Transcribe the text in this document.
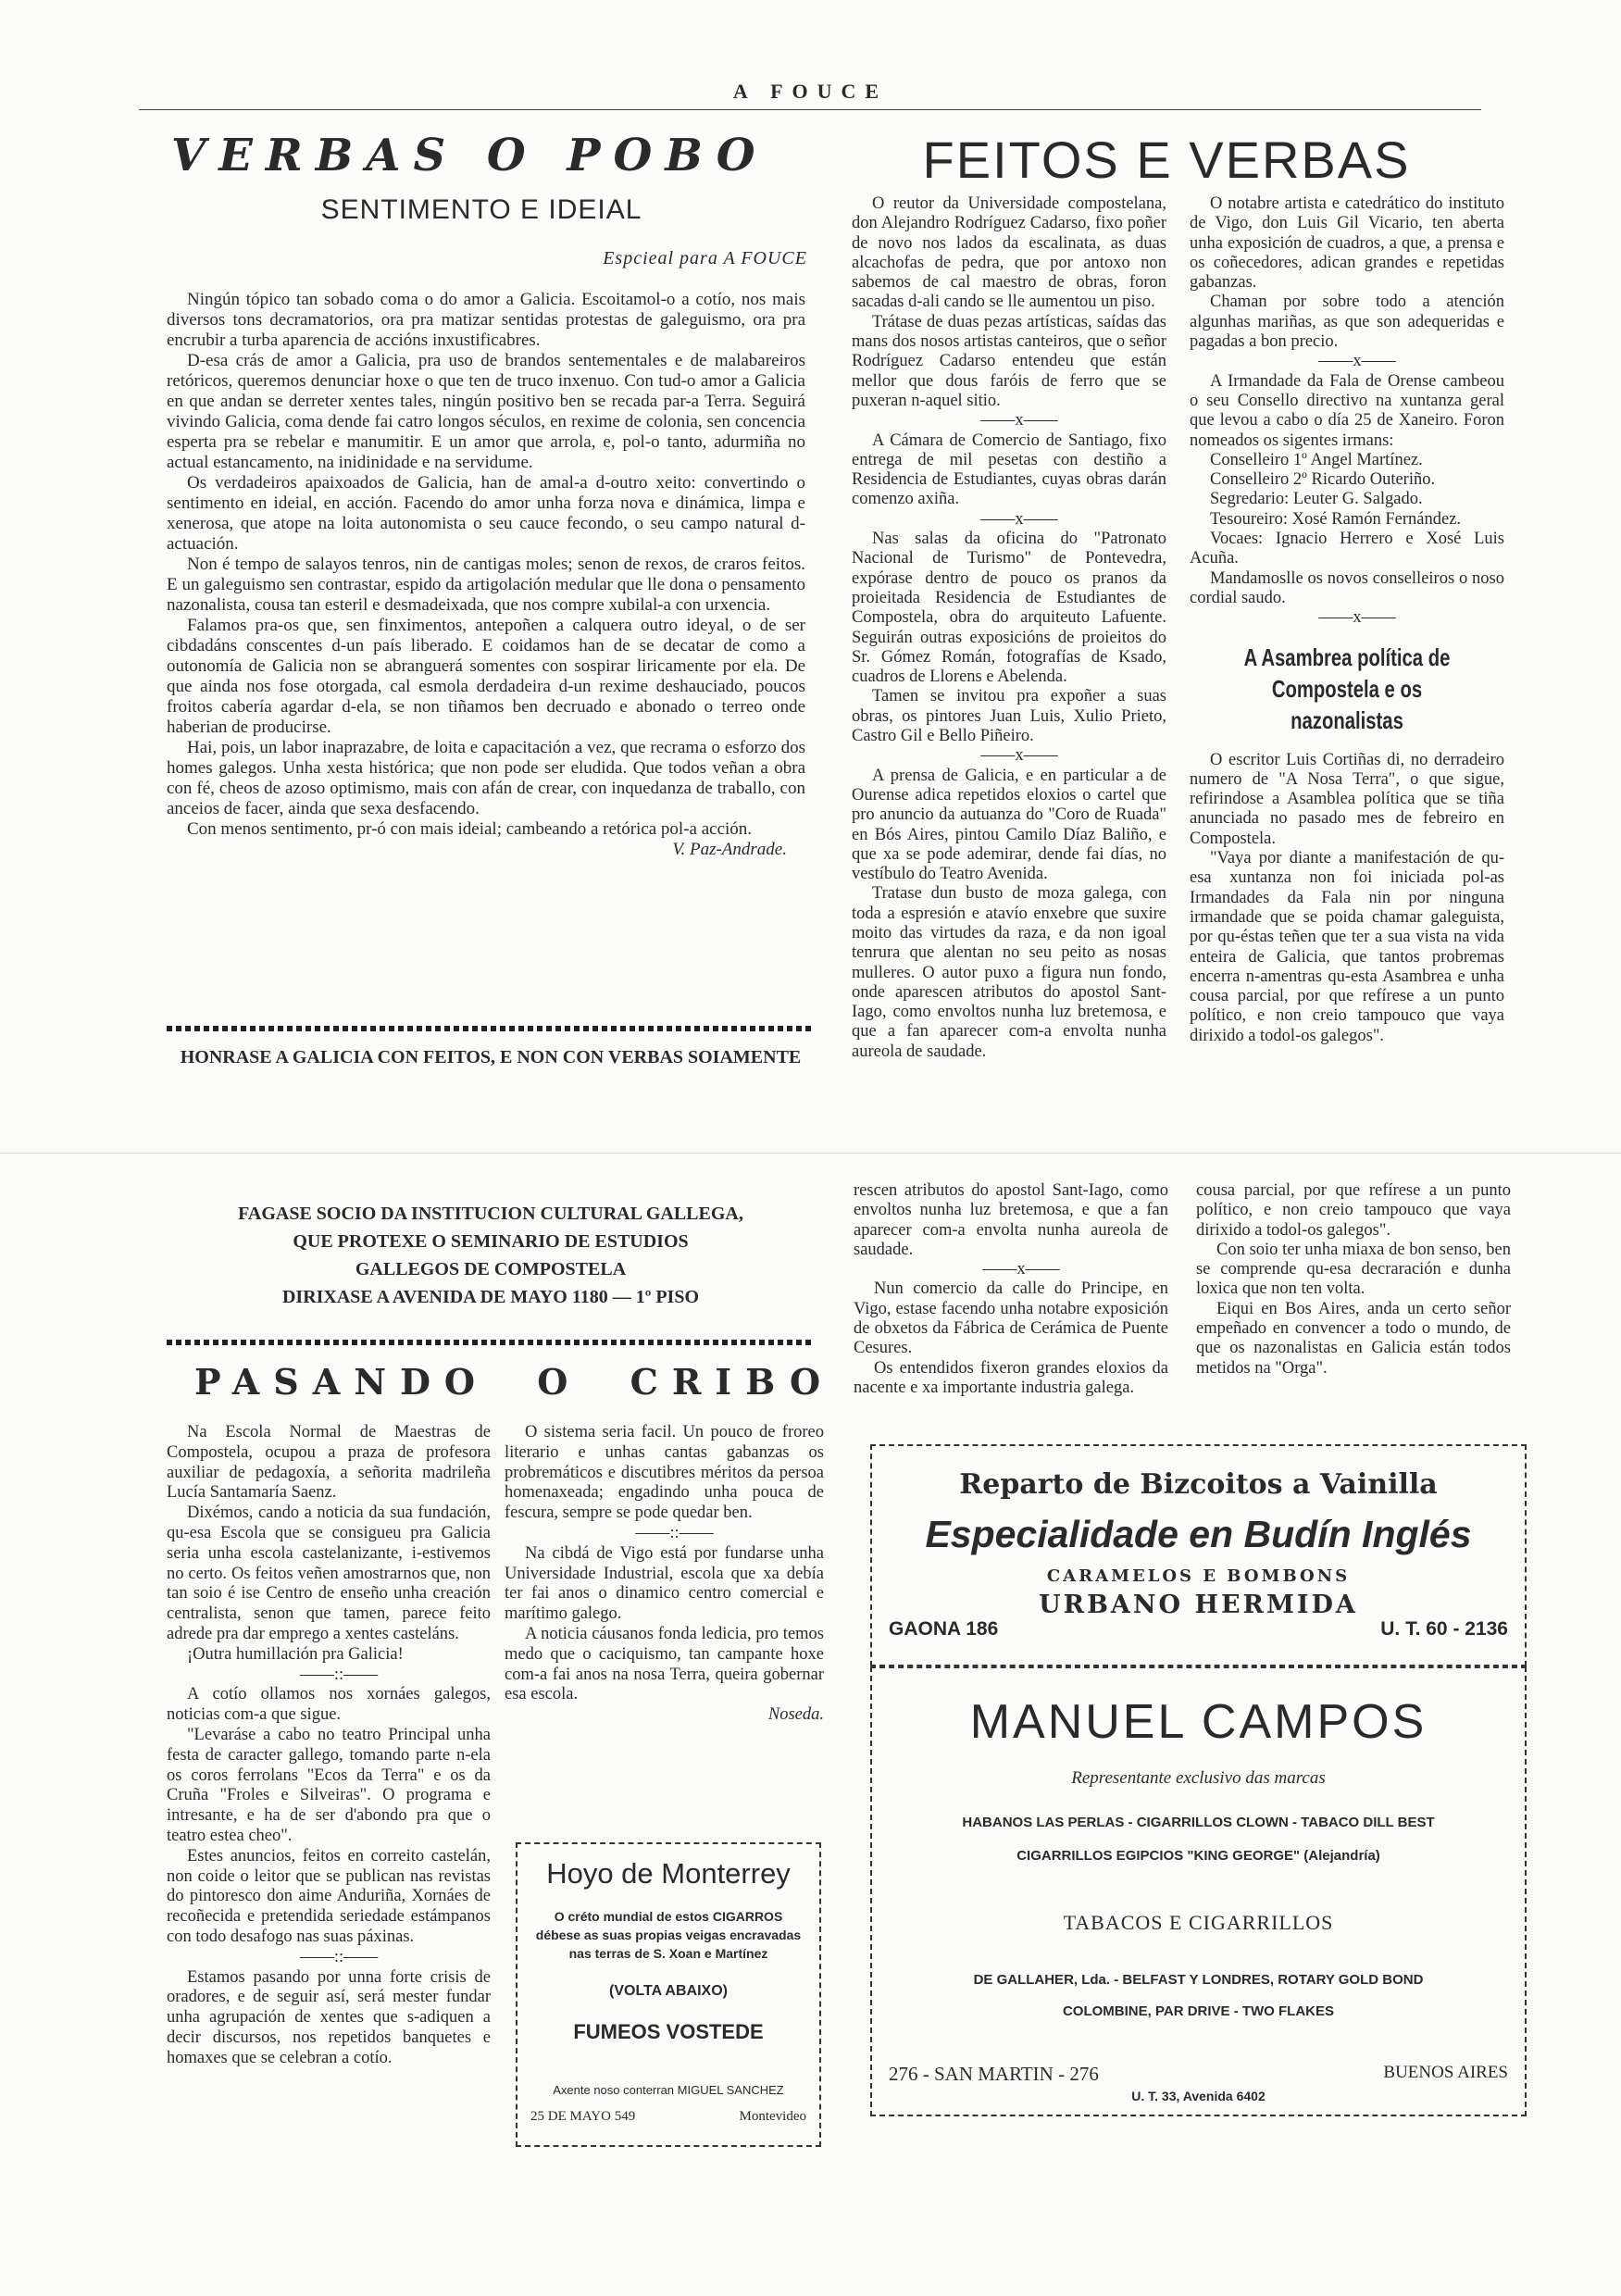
A FOUCE
VERBAS O POBO
SENTIMENTO E IDEIAL
Espcieal para A FOUCE

Ningún tópico tan sobado coma o do amor a Galicia. Escoitamol-o a cotío, nos mais diversos tons decramatorios, ora pra matizar sentidas protestas de galeguismo, ora pra encrubir a turba aparencia de accións inxustificabres.

D-esa crás de amor a Galicia, pra uso de brandos sentementales e de malabareiros retóricos, queremos denunciar hoxe o que ten de truco inxenuo. Con tud-o amor a Galicia en que andan se derreter xentes tales, ningún positivo ben se recada par-a Terra. Seguirá vivindo Galicia, coma dende fai catro longos séculos, en rexime de colonia, sen concencia esperta pra se rebelar e manumitir. E un amor que arrola, e, pol-o tanto, adurmiña no actual estancamento, na inidinidade e na servidume.

Os verdadeiros apaixoados de Galicia, han de amal-a d-outro xeito: convertindo o sentimento en ideial, en acción. Facendo do amor unha forza nova e dinámica, limpa e xenerosa, que atope na loita autonomista o seu cauce fecondo, o seu campo natural d-actuación.

Non é tempo de salayos tenros, nin de cantigas moles; senon de rexos, de craros feitos. E un galeguismo sen contrastar, espido da artigolación medular que lle dona o pensamento nazonalista, cousa tan esteril e desmadeixada, que nos compre xubilal-a con urxencia.

Falamos pra-os que, sen finximentos, antepoñen a calquera outro ideyal, o de ser cibdadáns conscentes d-un país liberado. E coidamos han de se decatar de como a outonomía de Galicia non se abranguerá somentes con sospirar liricamente por ela. De que ainda nos fose otorgada, cal esmola derdadeira d-un rexime deshauciado, poucos froitos cabería agardar d-ela, se non tiñamos ben decruado e abonado o terreo onde haberian de producirse.

Hai, pois, un labor inaprazabre, de loita e capacitación a vez, que recrama o esforzo dos homes galegos. Unha xesta histórica; que non pode ser eludida. Que todos veñan a obra con fé, cheos de azoso optimismo, mais con afán de crear, con inquedanza de traballo, con anceios de facer, ainda que sexa desfacendo.

Con menos sentimento, pr-ó con mais ideial; cambeando a retórica pol-a acción.

V. Paz-Andrade.

HONRASE A GALICIA CON FEITOS, E NON CON VERBAS SOIAMENTE
FEITOS E VERBAS

O reutor da Universidade compostelana, don Alejandro Rodríguez Cadarso, fixo poñer de novo nos lados da escalinata, as duas alcachofas de pedra, que por antoxo non sabemos de cal maestro de obras, foron sacadas d-ali cando se lle aumentou un piso.

Trátase de duas pezas artísticas, saídas das mans dos nosos artistas canteiros, que o señor Rodríguez Cadarso entendeu que están mellor que dous faróis de ferro que se puxeran n-aquel sitio.

——x——

A Cámara de Comercio de Santiago, fixo entrega de mil pesetas con destiño a Residencia de Estudiantes, cuyas obras darán comenzo axiña.

——x——

Nas salas da oficina do "Patronato Nacional de Turismo" de Pontevedra, expórase dentro de pouco os pranos da proieitada Residencia de Estudiantes de Compostela, obra do arquiteuto Lafuente. Seguirán outras exposicións de proieitos do Sr. Gómez Román, fotografías de Ksado, cuadros de Llorens e Abelenda.

Tamen se invitou pra expoñer a suas obras, os pintores Juan Luis, Xulio Prieto, Castro Gil e Bello Piñeiro.

——x——

A prensa de Galicia, e en particular a de Ourense adica repetidos eloxios o cartel que pro anuncio da autuanza do "Coro de Ruada" en Bós Aires, pintou Camilo Díaz Baliño, e que xa se pode ademirar, dende fai días, no vestíbulo do Teatro Avenida.

Tratase dun busto de moza galega, con toda a espresión e atavío enxebre que suxire moito das virtudes da raza, e da non igoal tenrura que alentan no seu peito as nosas mulleres. O autor puxo a figura nun fondo, onde aparescen atributos do apostol Sant-Iago, como envoltos nunha luz bretemosa, e que a fan aparecer com-a envolta nunha aureola de saudade.

O notabre artista e catedrático do instituto de Vigo, don Luis Gil Vicario, ten aberta unha exposición de cuadros, a que, a prensa e os coñecedores, adican grandes e repetidas gabanzas.

Chaman por sobre todo a atención algunhas mariñas, as que son adequeridas e pagadas a bon precio.

——x——

A Irmandade da Fala de Orense cambeou o seu Consello directivo na xuntanza geral que levou a cabo o día 25 de Xaneiro. Foron nomeados os sigentes irmans:

Conselleiro 1º Angel Martínez.

Conselleiro 2º Ricardo Outeriño.

Segredario: Leuter G. Salgado.

Tesoureiro: Xosé Ramón Fernández.

Vocaes: Ignacio Herrero e Xosé Luis Acuña.

Mandamoslle os novos conselleiros o noso cordial saudo.

——x——

A Asambrea política de Compostela e os nazonalistas

O escritor Luis Cortiñas di, no derradeiro numero de "A Nosa Terra", o que sigue, refirindose a Asamblea política que se tiña anunciada no pasado mes de febreiro en Compostela.

"Vaya por diante a manifestación de qu-esa xuntanza non foi iniciada pol-as Irmandades da Fala nin por ninguna irmandade que se poida chamar galeguista, por qu-éstas teñen que ter a sua vista na vida enteira de Galicia, que tantos probremas encerra n-amentras qu-esta Asambrea e unha cousa parcial, por que refírese a un punto político, e non creio tampouco que vaya dirixido a todol-os galegos".

FAGASE SOCIO DA INSTITUCION CULTURAL GALLEGA,
QUE PROTEXE O SEMINARIO DE ESTUDIOS
GALLEGOS DE COMPOSTELA
DIRIXASE A AVENIDA DE MAYO 1180 — 1º PISO
PASANDO O CRIBO

Na Escola Normal de Maestras de Compostela, ocupou a praza de profesora auxiliar de pedagoxía, a señorita madrileña Lucía Santamaría Saenz.

Dixémos, cando a noticia da sua fundación, qu-esa Escola que se consigueu pra Galicia seria unha escola castelanizante, i-estivemos no certo. Os feitos veñen amostrarnos que, non tan soio é ise Centro de enseño unha creación centralista, senon que tamen, parece feito adrede pra dar emprego a xentes casteláns.

¡Outra humillación pra Galicia!

——::——

A cotío ollamos nos xornáes galegos, noticias com-a que sigue.

"Levaráse a cabo no teatro Principal unha festa de caracter gallego, tomando parte n-ela os coros ferrolans "Ecos da Terra" e os da Cruña "Froles e Silveiras". O programa e intresante, e ha de ser d'abondo pra que o teatro estea cheo".

Estes anuncios, feitos en correito castelán, non coide o leitor que se publican nas revistas do pintoresco don aime Anduriña, Xornáes de recoñecida e pretendida seriedade estámpanos con todo desafogo nas suas páxinas.

——::——

Estamos pasando por unna forte crisis de oradores, e de seguir así, será mester fundar unha agrupación de xentes que s-adiquen a decir discursos, nos repetidos banquetes e homaxes que se celebran a cotío.

O sistema seria facil. Un pouco de froreo literario e unhas cantas gabanzas os probremáticos e discutibres méritos da persoa homenaxeada; engadindo unha pouca de fescura, sempre se pode quedar ben.

——::——

Na cibdá de Vigo está por fundarse unha Universidade Industrial, escola que xa debía ter fai anos o dinamico centro comercial e marítimo galego.

A noticia cáusanos fonda ledicia, pro temos medo que o caciquismo, tan campante hoxe com-a fai anos na nosa Terra, queira gobernar esa escola.

Noseda.

Hoyo de Monterrey
O créto mundial de estos CIGARROS débese as suas propias veigas encravadas nas terras de S. Xoan e Martínez
(VOLTA ABAIXO)
FUMEOS VOSTEDE
Axente noso conterran MIGUEL SANCHEZ
25 DE MAYO 549	Montevideo

rescen atributos do apostol Sant-Iago, como envoltos nunha luz bretemosa, e que a fan aparecer com-a envolta nunha aureola de saudade.

——x——

Nun comercio da calle do Principe, en Vigo, estase facendo unha notabre exposición de obxetos da Fábrica de Cerámica de Puente Cesures.

Os entendidos fixeron grandes eloxios da nacente e xa importante industria galega.

cousa parcial, por que refírese a un punto político, e non creio tampouco que vaya dirixido a todol-os galegos".

Con soio ter unha miaxa de bon senso, ben se comprende qu-esa decraración e dunha loxica que non ten volta.

Eiqui en Bos Aires, anda un certo señor empeñado en convencer a todo o mundo, de que os nazonalistas en Galicia están todos metidos na "Orga".

Reparto de Bizcoitos a Vainilla
Especialidade en Budín Inglés
CARAMELOS E BOMBONS
URBANO HERMIDA
GAONA 186	U. T. 60 - 2136
MANUEL CAMPOS
Representante exclusivo das marcas
HABANOS LAS PERLAS - CIGARRILLOS CLOWN - TABACO DILL BEST
CIGARRILLOS EGIPCIOS "KING GEORGE" (Alejandría)
TABACOS E CIGARRILLOS
DE GALLAHER, Lda. - BELFAST Y LONDRES, ROTARY GOLD BOND
COLOMBINE, PAR DRIVE - TWO FLAKES
276 - SAN MARTIN - 276	BUENOS AIRES
U. T. 33, Avenida 6402
